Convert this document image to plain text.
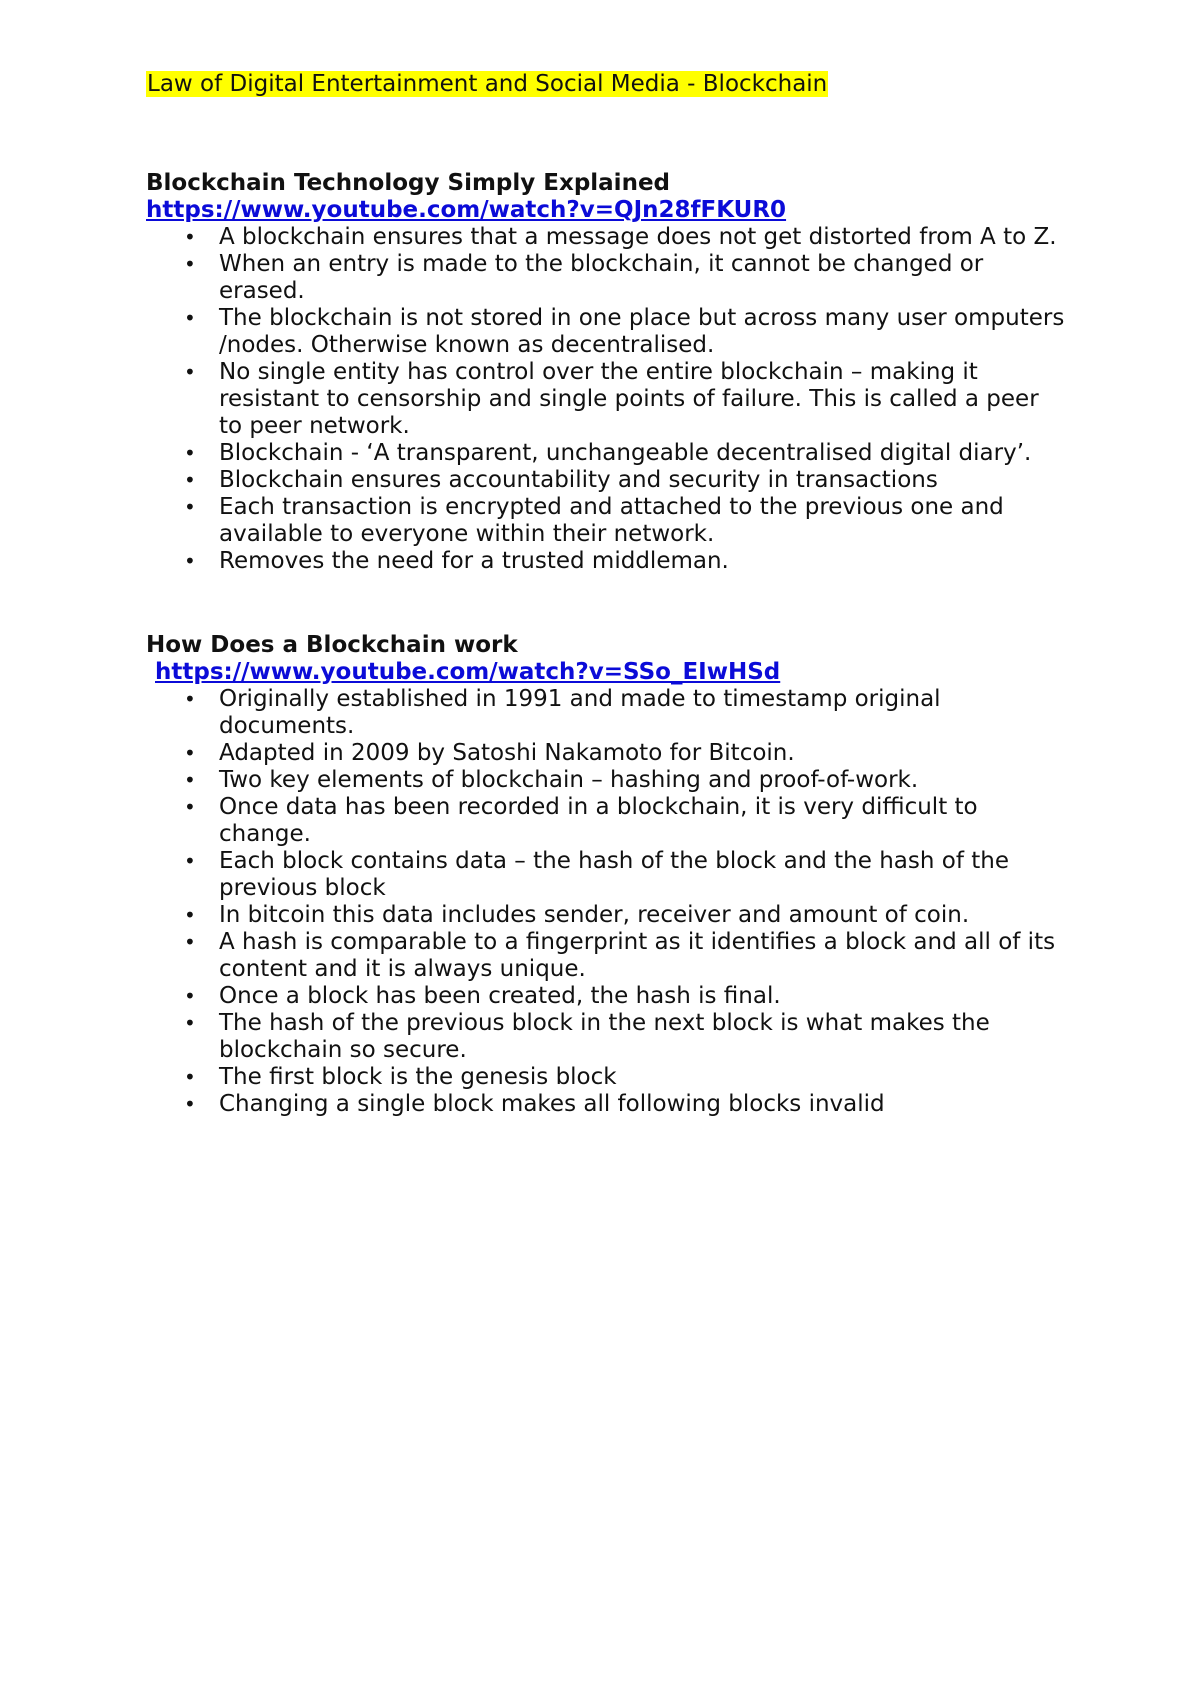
Law of Digital Entertainment and Social Media - Blockchain
Blockchain Technology Simply Explained
https://www.youtube.com/watch?v=QJn28fFKUR0
• A blockchain ensures that a message does not get distorted from A to Z.
• When an entry is made to the blockchain, it cannot be changed or erased.
• The blockchain is not stored in one place but across many user omputers /nodes. Otherwise known as decentralised.
• No single entity has control over the entire blockchain – making it resistant to censorship and single points of failure. This is called a peer to peer network.
• Blockchain - ‘A transparent, unchangeable decentralised digital diary’.
• Blockchain ensures accountability and security in transactions
• Each transaction is encrypted and attached to the previous one and available to everyone within their network.
• Removes the need for a trusted middleman.
How Does a Blockchain work
https://www.youtube.com/watch?v=SSo_EIwHSd
• Originally established in 1991 and made to timestamp original documents.
• Adapted in 2009 by Satoshi Nakamoto for Bitcoin.
• Two key elements of blockchain – hashing and proof-of-work.
• Once data has been recorded in a blockchain, it is very difficult to change.
• Each block contains data – the hash of the block and the hash of the previous block
• In bitcoin this data includes sender, receiver and amount of coin.
• A hash is comparable to a fingerprint as it identifies a block and all of its content and it is always unique.
• Once a block has been created, the hash is final.
• The hash of the previous block in the next block is what makes the blockchain so secure.
• The first block is the genesis block
• Changing a single block makes all following blocks invalid
